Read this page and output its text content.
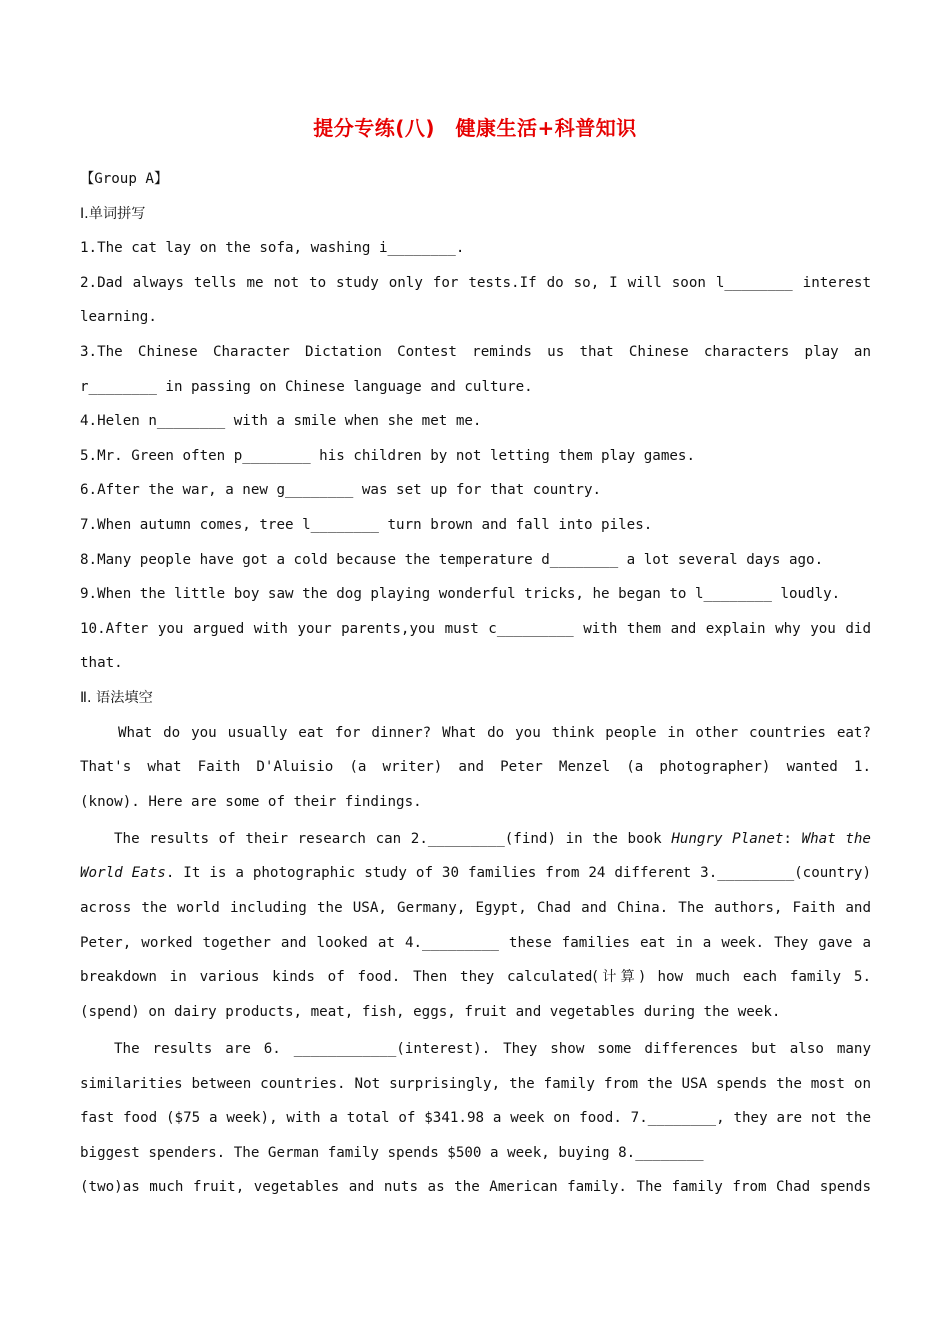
提分专练(八)　健康生活+科普知识
【Group A】
Ⅰ.单词拼写
1.The cat lay on the sofa, washing i________.
2.Dad always tells me not to study only for tests.If do so, I will soon l________ interest
learning.
3.The Chinese Character Dictation Contest reminds us that Chinese characters play an
r________ in passing on Chinese language and culture.
4.Helen n________ with a smile when she met me.
5.Mr. Green often p________ his children by not letting them play games.
6.After the war, a new g________ was set up for that country.
7.When autumn comes, tree l________ turn brown and fall into piles.
8.Many people have got a cold because the temperature d________ a lot several days ago.
9.When the little boy saw the dog playing wonderful tricks, he began to l________ loudly.
10.After you argued with your parents,you must c_________ with them and explain why you did
that.
Ⅱ. 语法填空
What do you usually eat for dinner? What do you think people in other countries eat?
That's what Faith D'Aluisio (a writer) and Peter Menzel (a photographer) wanted 1.
(know). Here are some of their findings.
The results of their research can 2._________(find) in the book Hungry Planet: What the
World Eats. It is a photographic study of 30 families from 24 different 3._________(country)
across the world including the USA, Germany, Egypt, Chad and China. The authors, Faith and
Peter, worked together and looked at 4._________ these families eat in a week. They gave a
breakdown in various kinds of food. Then they calculated(计算) how much each family 5.
(spend) on dairy products, meat, fish, eggs, fruit and vegetables during the week.
The results are 6. ____________(interest). They show some differences but also many
similarities between countries. Not surprisingly, the family from the USA spends the most on
fast food ($75 a week), with a total of $341.98 a week on food. 7.________, they are not the
biggest spenders. The German family spends $500 a week, buying 8.________
(two)as much fruit, vegetables and nuts as the American family. The family from Chad spends
